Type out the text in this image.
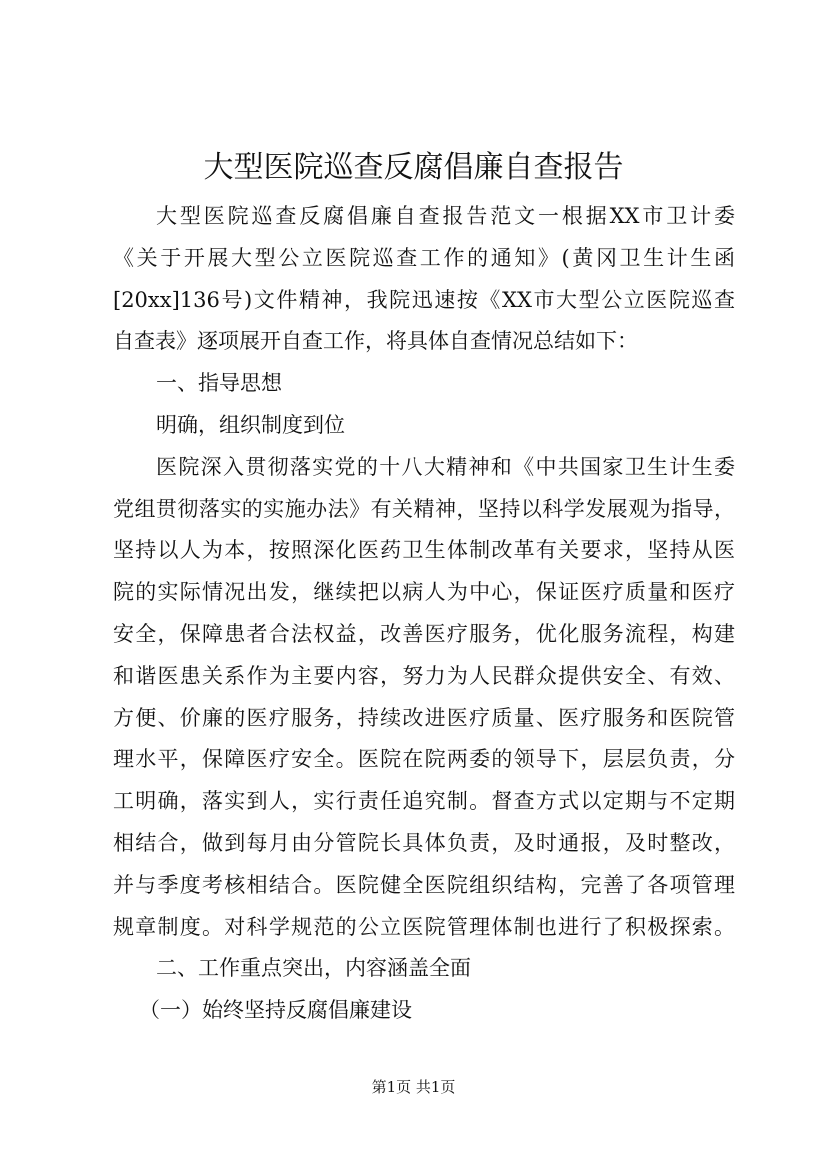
大型医院巡查反腐倡廉自查报告
大型医院巡查反腐倡廉自查报告范文一根据XX市卫计委
《关于开展大型公立医院巡查工作的通知》(黄冈卫生计生函
[20xx]136号)文件精神，我院迅速按《XX市大型公立医院巡查
自查表》逐项展开自查工作，将具体自查情况总结如下：
一、指导思想
明确，组织制度到位
医院深入贯彻落实党的十八大精神和《中共国家卫生计生委
党组贯彻落实的实施办法》有关精神，坚持以科学发展观为指导，
坚持以人为本，按照深化医药卫生体制改革有关要求，坚持从医
院的实际情况出发，继续把以病人为中心，保证医疗质量和医疗
安全，保障患者合法权益，改善医疗服务，优化服务流程，构建
和谐医患关系作为主要内容，努力为人民群众提供安全、有效、
方便、价廉的医疗服务，持续改进医疗质量、医疗服务和医院管
理水平，保障医疗安全。医院在院两委的领导下，层层负责，分
工明确，落实到人，实行责任追究制。督查方式以定期与不定期
相结合，做到每月由分管院长具体负责，及时通报，及时整改，
并与季度考核相结合。医院健全医院组织结构，完善了各项管理
规章制度。对科学规范的公立医院管理体制也进行了积极探索。
二、工作重点突出，内容涵盖全面
（一）始终坚持反腐倡廉建设
第1页 共1页
